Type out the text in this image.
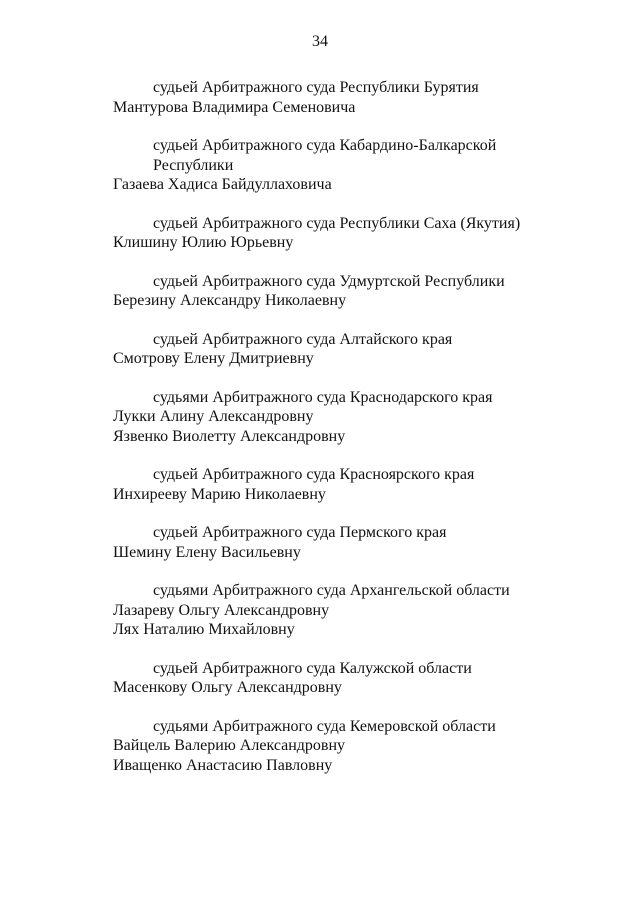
34
судьей Арбитражного суда Республики Бурятия
Мантурова Владимира Семеновича
судьей Арбитражного суда Кабардино-Балкарской
Республики
Газаева Хадиса Байдуллаховича
судьей Арбитражного суда Республики Саха (Якутия)
Клишину Юлию Юрьевну
судьей Арбитражного суда Удмуртской Республики
Березину Александру Николаевну
судьей Арбитражного суда Алтайского края
Смотрову Елену Дмитриевну
судьями Арбитражного суда Краснодарского края
Лукки Алину Александровну
Язвенко Виолетту Александровну
судьей Арбитражного суда Красноярского края
Инхиреeву Марию Николаевну
судьей Арбитражного суда Пермского края
Шемину Елену Васильевну
судьями Арбитражного суда Архангельской области
Лазареву Ольгу Александровну
Лях Наталию Михайловну
судьей Арбитражного суда Калужской области
Масенкову Ольгу Александровну
судьями Арбитражного суда Кемеровской области
Вайцель Валерию Александровну
Иващенко Анастасию Павловну
